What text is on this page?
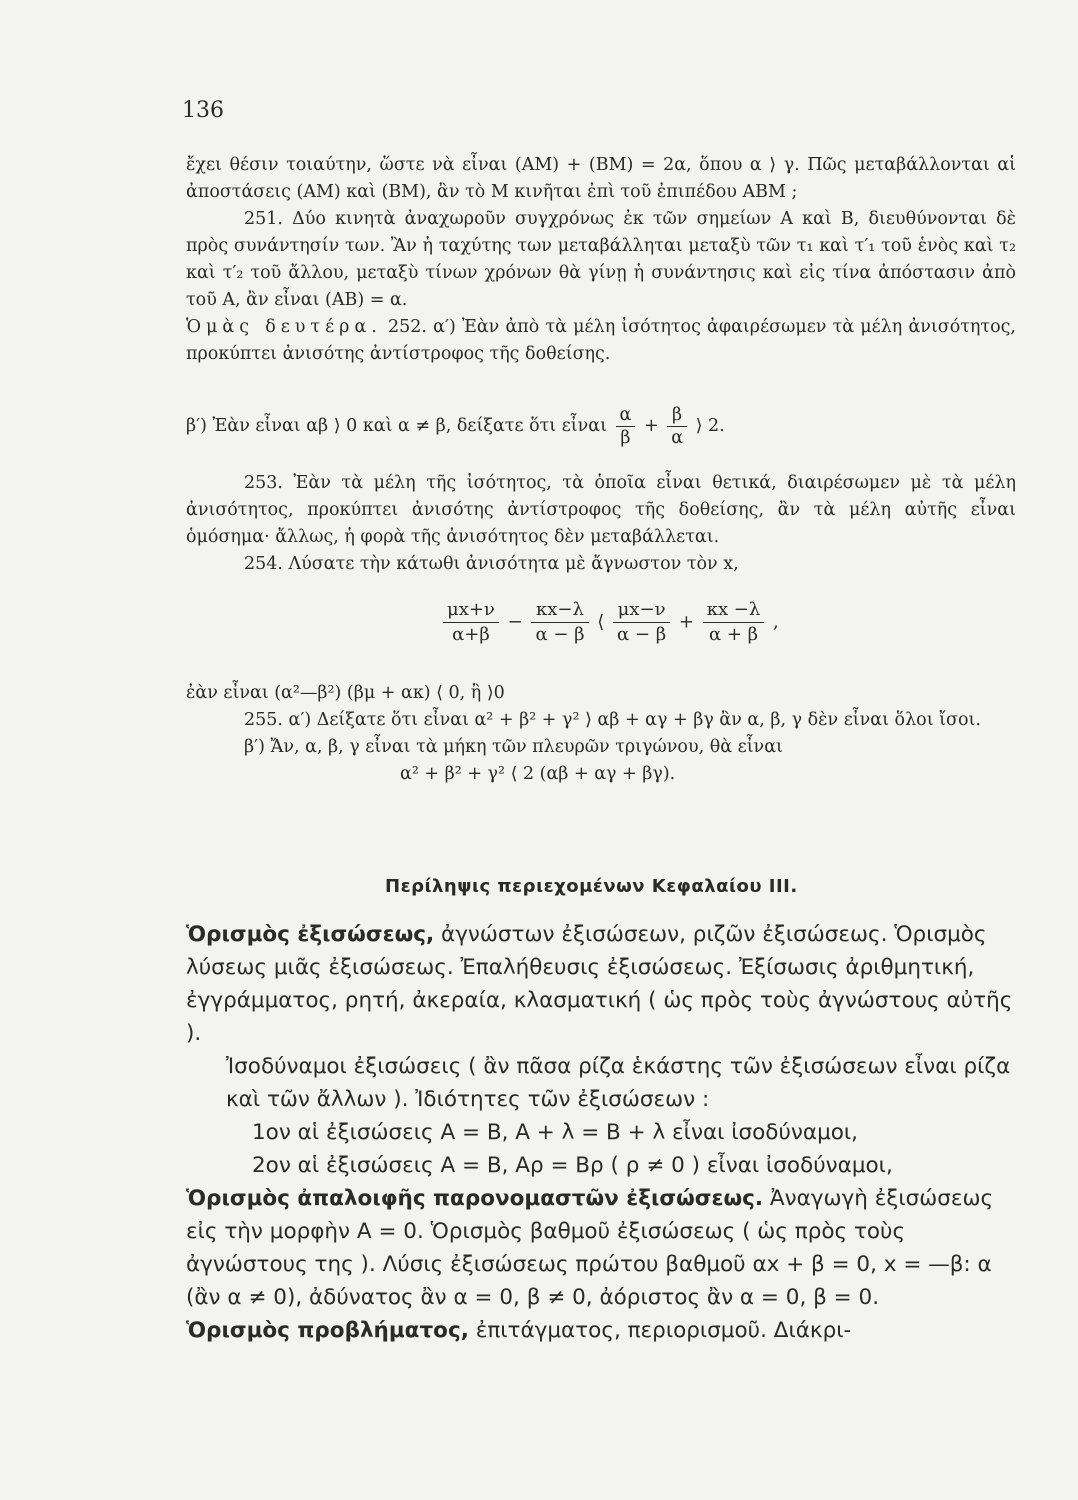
136

ἔχει θέσιν τοιαύτην, ὥστε νὰ εἶναι (ΑΜ) + (ΒΜ) = 2α, ὅπου α ⟩ γ. Πῶς μεταβάλλονται αἱ ἀποστάσεις (ΑΜ) καὶ (ΒΜ), ἂν τὸ Μ κινῆται ἐπὶ τοῦ ἐπιπέδου ΑΒΜ ;

251. Δύο κινητὰ ἀναχωροῦν συγχρόνως ἐκ τῶν σημείων Α καὶ Β, διευθύνονται δὲ πρὸς συνάντησίν των. Ἂν ἡ ταχύτης των μεταβάλληται μεταξὺ τῶν τ₁ καὶ τ′₁ τοῦ ἑνὸς καὶ τ₂ καὶ τ′₂ τοῦ ἄλλου, μεταξὺ τίνων χρόνων θὰ γίνῃ ἡ συνάντησις καὶ εἰς τίνα ἀπόστασιν ἀπὸ τοῦ Α, ἂν εἶναι (ΑΒ) = α.

Ὁμὰς δευτέρα. 252. α′) Ἐὰν ἀπὸ τὰ μέλη ἰσότητος ἀφαιρέσωμεν τὰ μέλη ἀνισότητος, προκύπτει ἀνισότης ἀντίστροφος τῆς δοθείσης.

β′) Ἐὰν εἶναι αβ ⟩ 0 καὶ α ≠ β, δείξατε ὅτι εἶναι $\frac{\alpha}{\beta} + \frac{\beta}{\alpha}$ ⟩ 2.

253. Ἐὰν τὰ μέλη τῆς ἰσότητος, τὰ ὁποῖα εἶναι θετικά, διαιρέσωμεν μὲ τὰ μέλη ἀνισότητος, προκύπτει ἀνισότης ἀντίστροφος τῆς δοθείσης, ἂν τὰ μέλη αὐτῆς εἶναι ὁμόσημα· ἄλλως, ἡ φορὰ τῆς ἀνισότητος δὲν μεταβάλλεται.

254. Λύσατε τὴν κάτωθι ἀνισότητα μὲ ἄγνωστον τὸν x,

$\frac{\mu x+\nu}{\alpha+\beta} - \frac{\kappa x-\lambda}{\alpha - \beta}$ ⟨ $\frac{\mu x-\nu}{\alpha - \beta} + \frac{\kappa x -\lambda}{\alpha + \beta}$ ,

ἐὰν εἶναι (α²—β²) (βμ + ακ) ⟨ 0, ἢ ⟩0

255. α′) Δείξατε ὅτι εἶναι α² + β² + γ² ⟩ αβ + αγ + βγ ἂν α, β, γ δὲν εἶναι ὅλοι ἴσοι.

β′) Ἄν, α, β, γ εἶναι τὰ μήκη τῶν πλευρῶν τριγώνου, θὰ εἶναι

α² + β² + γ² ⟨ 2 (αβ + αγ + βγ).

Περίληψις περιεχομένων Κεφαλαίου ΙΙΙ.

Ὁρισμὸς ἐξισώσεως, ἀγνώστων ἐξισώσεων, ριζῶν ἐξισώσεως. Ὁρισμὸς λύσεως μιᾶς ἐξισώσεως. Ἐπαλήθευσις ἐξισώσεως. Ἐξίσωσις ἀριθμητική, ἐγγράμματος, ρητή, ἀκεραία, κλασματική ( ὡς πρὸς τοὺς ἀγνώστους αὐτῆς ).

Ἰσοδύναμοι ἐξισώσεις ( ἂν πᾶσα ρίζα ἑκάστης τῶν ἐξισώσεων εἶναι ρίζα καὶ τῶν ἄλλων ). Ἰδιότητες τῶν ἐξισώσεων :

1ον αἱ ἐξισώσεις Α = Β, Α + λ = Β + λ εἶναι ἰσοδύναμοι,

2ον αἱ ἐξισώσεις Α = Β, Αρ = Βρ ( ρ ≠ 0 ) εἶναι ἰσοδύναμοι,

Ὁρισμὸς ἀπαλοιφῆς παρονομαστῶν ἐξισώσεως. Ἀναγωγὴ ἐξισώσεως εἰς τὴν μορφὴν Α = 0. Ὁρισμὸς βαθμοῦ ἐξισώσεως ( ὡς πρὸς τοὺς ἀγνώστους της ). Λύσις ἐξισώσεως πρώτου βαθμοῦ αx + β = 0, x = —β: α (ἂν α ≠ 0), ἀδύνατος ἂν α = 0, β ≠ 0, ἀόριστος ἂν α = 0, β = 0.

Ὁρισμὸς προβλήματος, ἐπιτάγματος, περιορισμοῦ. Διάκρι-
